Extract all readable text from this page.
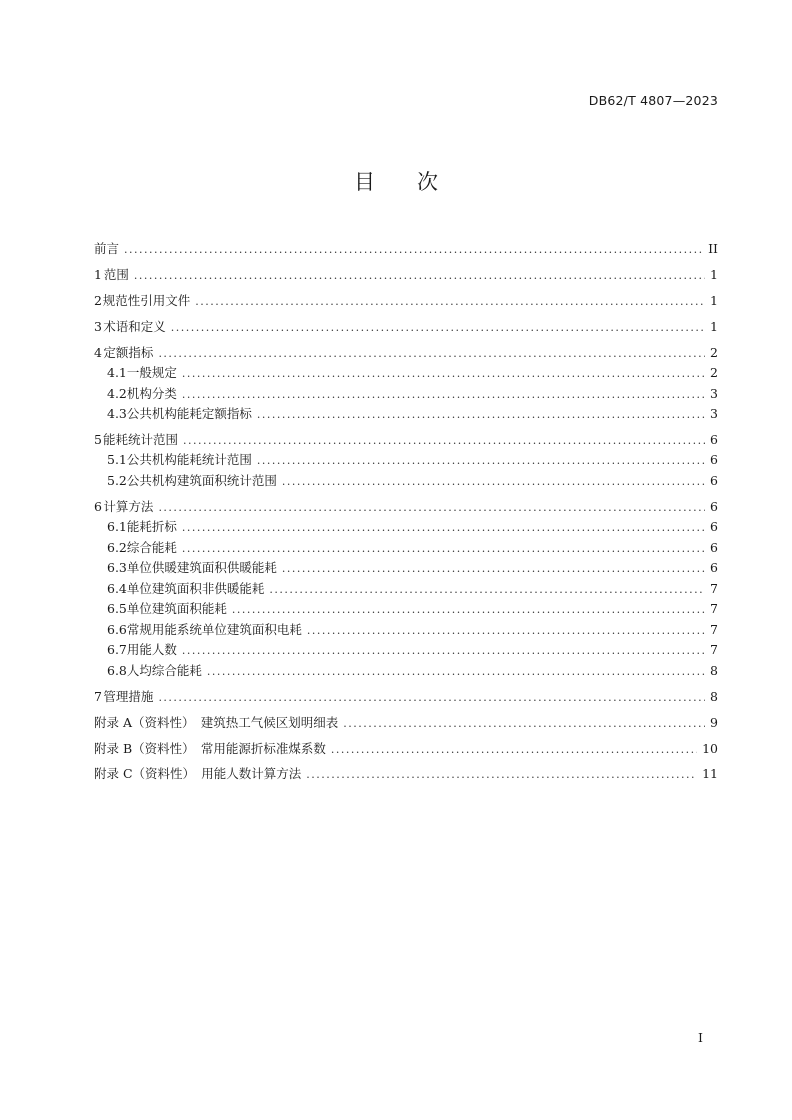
DB62/T 4807—2023
目次
前言 .....	II
1 范围 .....	1
2 规范性引用文件 .....	1
3 术语和定义 .....	1
4 定额指标 .....	2
4.1 一般规定 .....	2
4.2 机构分类 .....	3
4.3 公共机构能耗定额指标 .....	3
5 能耗统计范围 .....	6
5.1 公共机构能耗统计范围 .....	6
5.2 公共机构建筑面积统计范围 .....	6
6 计算方法 .....	6
6.1 能耗折标 .....	6
6.2 综合能耗 .....	6
6.3 单位供暖建筑面积供暖能耗 .....	6
6.4 单位建筑面积非供暖能耗 .....	7
6.5 单位建筑面积能耗 .....	7
6.6 常规用能系统单位建筑面积电耗 .....	7
6.7 用能人数 .....	7
6.8 人均综合能耗 .....	8
7 管理措施 .....	8
附录 A（资料性）　建筑热工气候区划明细表 .....	9
附录 B（资料性）　常用能源折标准煤系数 .....	10
附录 C（资料性）　用能人数计算方法 .....	11
I
